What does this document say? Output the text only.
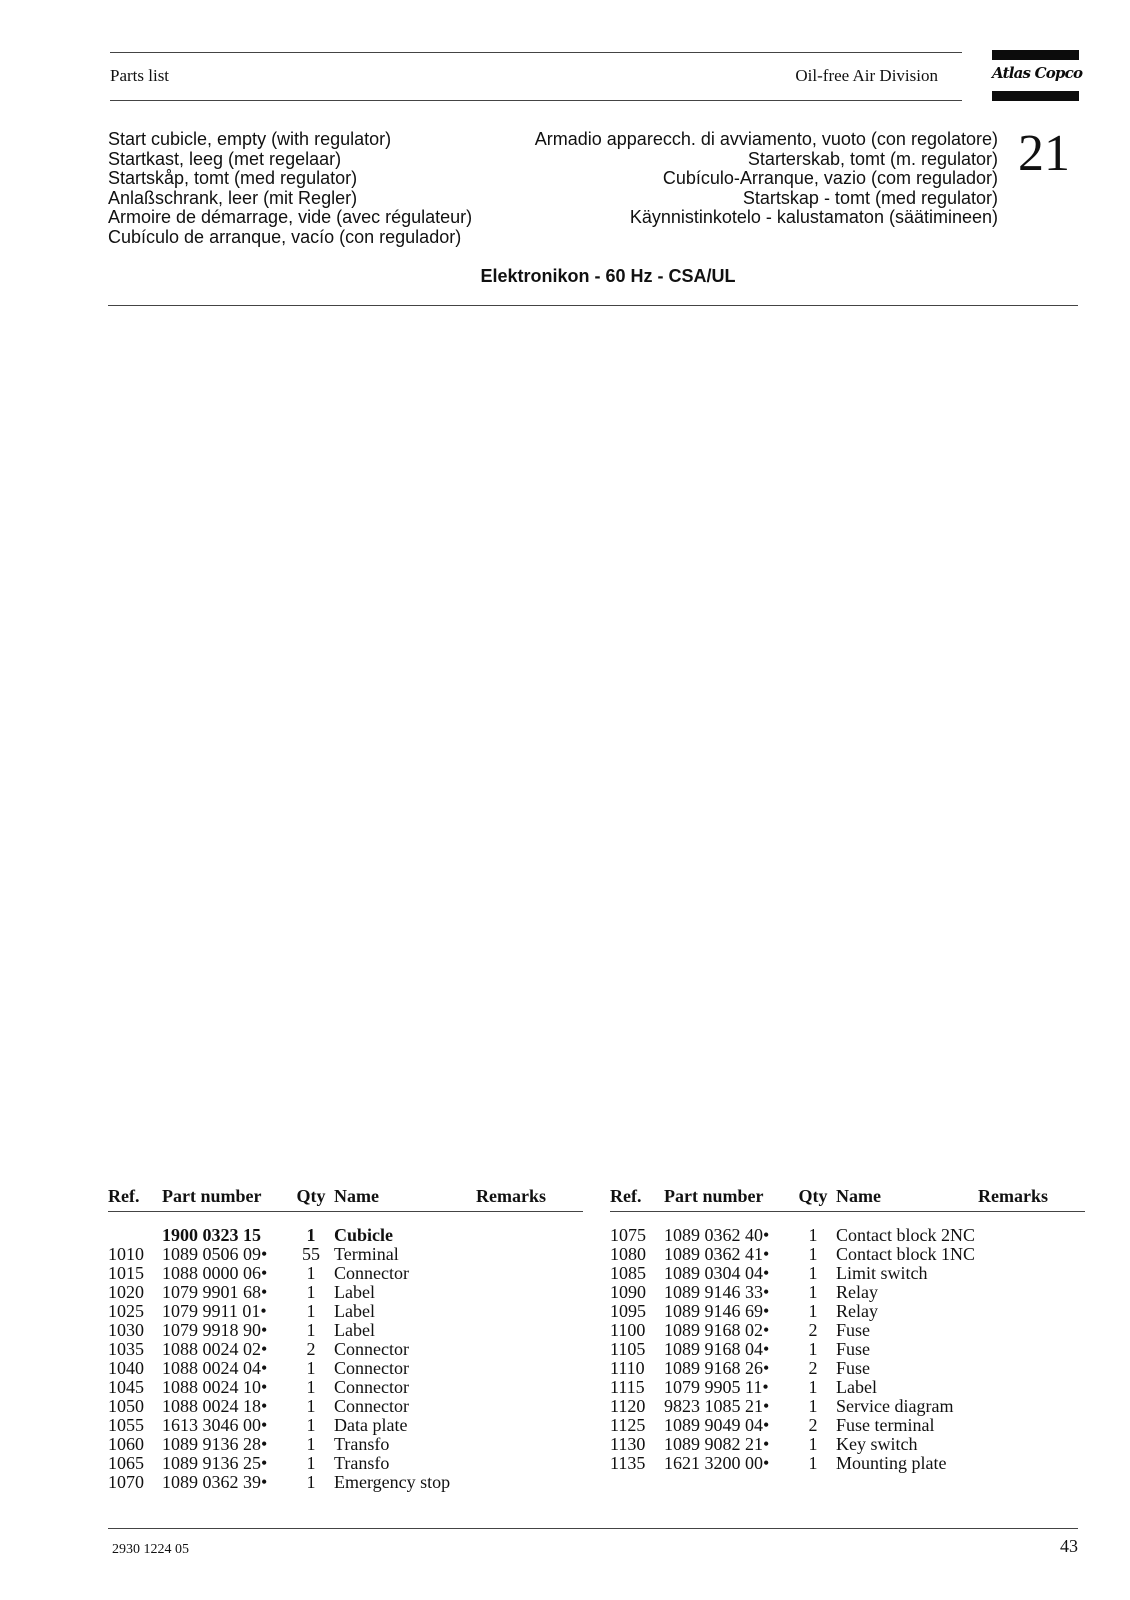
Parts list	Oil-free Air Division	Atlas Copco
Start cubicle, empty (with regulator)
Startkast, leeg (met regelaar)
Startskåp, tomt (med regulator)
Anlaßschrank, leer (mit Regler)
Armoire de démarrage, vide (avec régulateur)
Cubículo de arranque, vacío (con regulador)
Armadio apparecch. di avviamento, vuoto (con regolatore)
Starterskab, tomt (m. regulator)
Cubículo-Arranque, vazio (com regulador)
Startskap - tomt (med regulator)
Käynnistinkotelo - kalustamaton (säätimineen)
21
Elektronikon - 60 Hz - CSA/UL
Ref. Part number Qty Name	Remarks
1900 0323 15	1	Cubicle
1010 1089 0506 09•	55 Terminal
1015 1088 0000 06•	1	Connector
1020 1079 9901 68•	1	Label
1025 1079 9911 01•	1	Label
1030 1079 9918 90•	1	Label
1035 1088 0024 02•	2	Connector
1040 1088 0024 04•	1	Connector
1045 1088 0024 10•	1	Connector
1050 1088 0024 18•	1	Connector
1055 1613 3046 00•	1	Data plate
1060 1089 9136 28•	1	Transfo
1065 1089 9136 25•	1	Transfo
1070 1089 0362 39•	1	Emergency stop
Ref. Part number Qty Name	Remarks
1075 1089 0362 40•	1	Contact block 2NC
1080 1089 0362 41•	1	Contact block 1NC
1085 1089 0304 04•	1	Limit switch
1090 1089 9146 33•	1	Relay
1095 1089 9146 69•	1	Relay
1100 1089 9168 02•	2	Fuse
1105 1089 9168 04•	1	Fuse
1110 1089 9168 26•	2	Fuse
1115 1079 9905 11•	1	Label
1120 9823 1085 21•	1	Service diagram
1125 1089 9049 04•	2	Fuse terminal
1130 1089 9082 21•	1	Key switch
1135 1621 3200 00•	1	Mounting plate
2930 1224 05	43
